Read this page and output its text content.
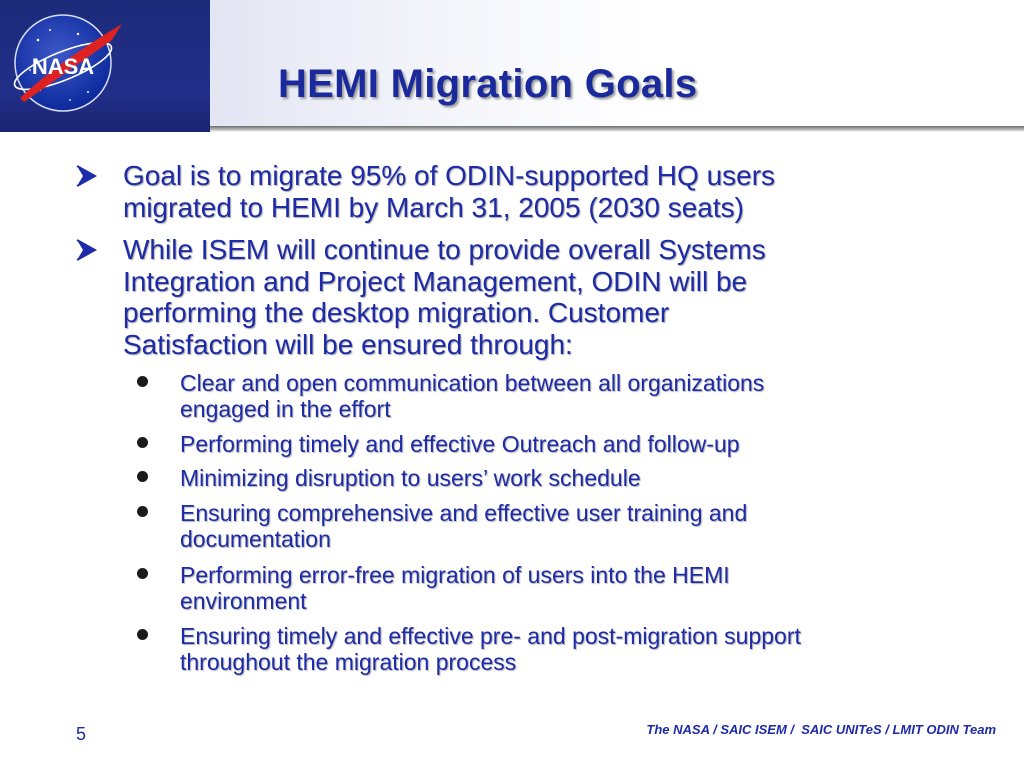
NASA	HEMI Migration Goals
Goal is to migrate 95% of ODIN-supported HQ users
migrated to HEMI by March 31, 2005 (2030 seats)
While ISEM will continue to provide overall Systems
Integration and Project Management, ODIN will be
performing the desktop migration. Customer
Satisfaction will be ensured through:
Clear and open communication between all organizations
engaged in the effort
Performing timely and effective Outreach and follow-up
Minimizing disruption to users’ work schedule
Ensuring comprehensive and effective user training and
documentation
Performing error-free migration of users into the HEMI
environment
Ensuring timely and effective pre- and post-migration support
throughout the migration process
5	The NASA / SAIC ISEM /  SAIC UNITeS / LMIT ODIN Team
